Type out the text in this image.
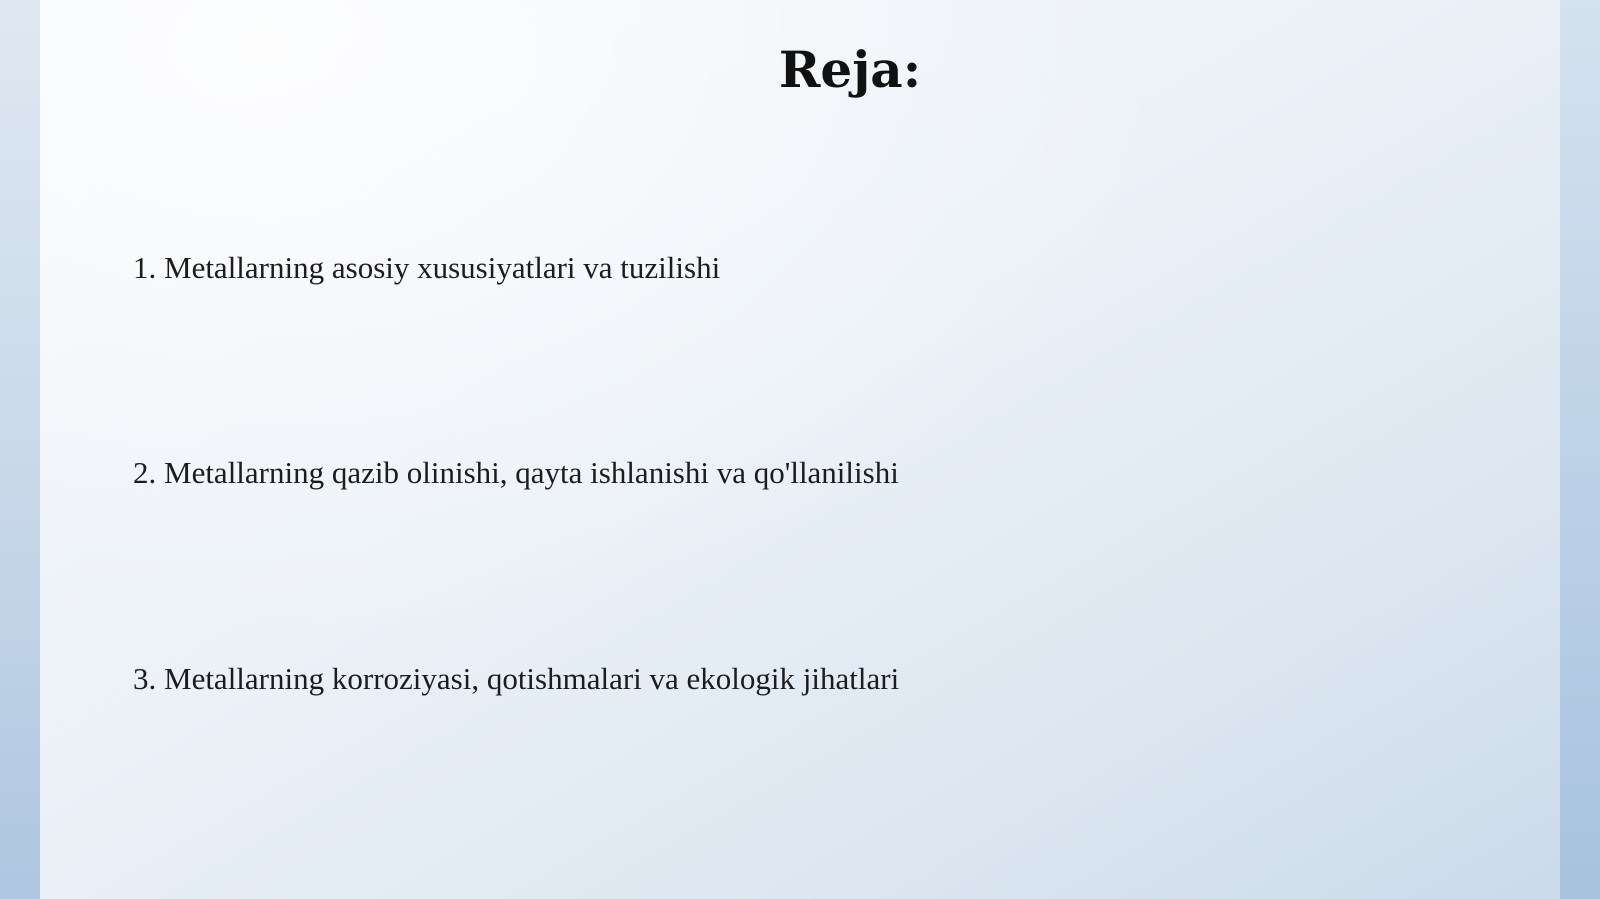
Reja:
1. Metallarning asosiy xususiyatlari va tuzilishi
2. Metallarning qazib olinishi, qayta ishlanishi va qo'llanilishi
3. Metallarning korroziyasi, qotishmalari va ekologik jihatlari
